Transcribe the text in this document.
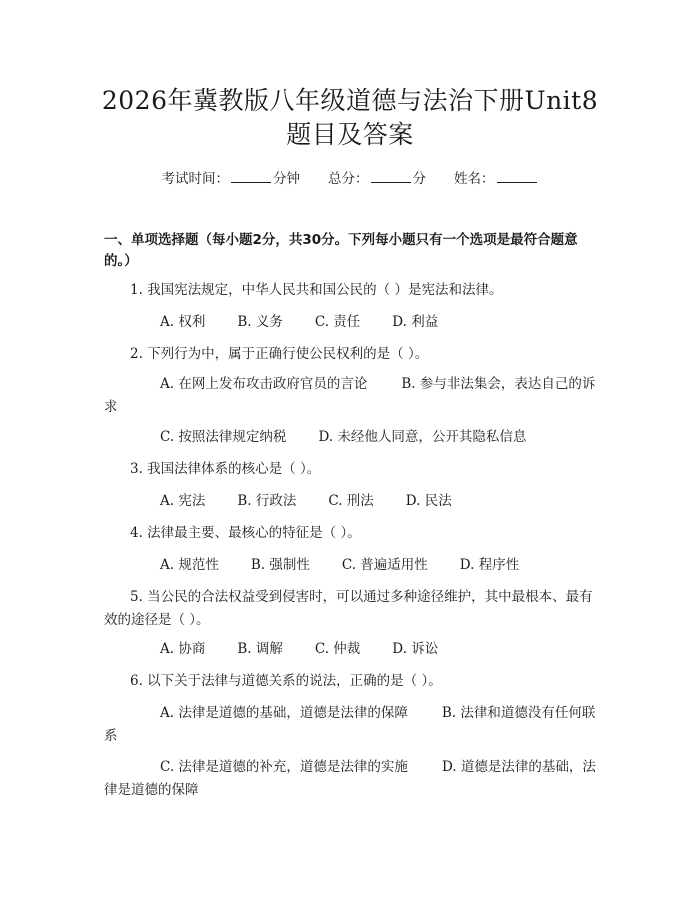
2026年冀教版八年级道德与法治下册Unit8
题目及答案
考试时间：	分钟 总分：	分 姓名：
一、单项选择题（每小题2分，共30分。下列每小题只有一个选项是最符合题意的。）
1. 我国宪法规定，中华人民共和国公民的（ ）是宪法和法律。
A. 权利 B. 义务 C. 责任 D. 利益
2. 下列行为中，属于正确行使公民权利的是（ ）。
A. 在网上发布攻击政府官员的言论	B. 参与非法集会，表达自己的诉求
C. 按照法律规定纳税 D. 未经他人同意，公开其隐私信息
3. 我国法律体系的核心是（ ）。
A. 宪法 B. 行政法 C. 刑法 D. 民法
4. 法律最主要、最核心的特征是（ ）。
A. 规范性 B. 强制性 C. 普遍适用性 D. 程序性
5. 当公民的合法权益受到侵害时，可以通过多种途径维护，其中最根本、最有效的途径是（ ）。
A. 协商 B. 调解 C. 仲裁 D. 诉讼
6. 以下关于法律与道德关系的说法，正确的是（ ）。
A. 法律是道德的基础，道德是法律的保障	B. 法律和道德没有任何联系
C. 法律是道德的补充，道德是法律的实施	D. 道德是法律的基础，法律是道德的保障
